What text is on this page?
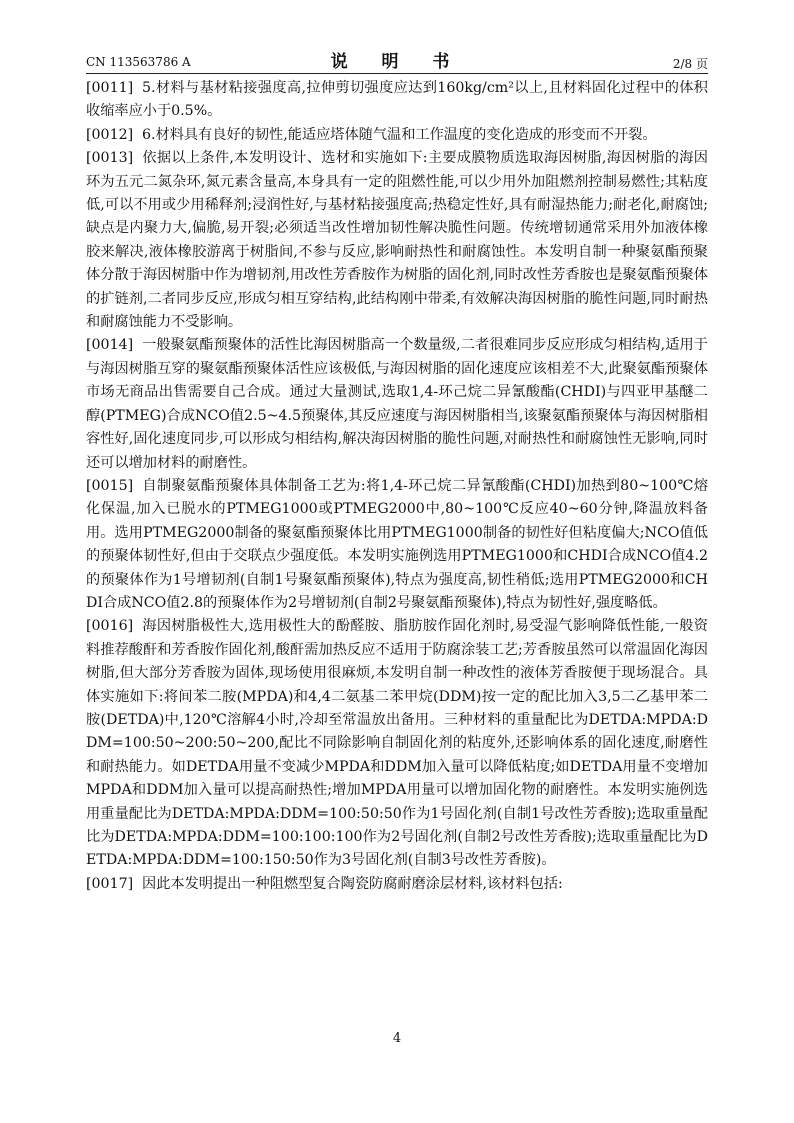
CN 113563786 A	说 明 书	2/8 页

[0011] 5.材料与基材粘接强度高,拉伸剪切强度应达到160kg/cm²以上,且材料固化过程中的体积收缩率应小于0.5%。

[0012] 6.材料具有良好的韧性,能适应塔体随气温和工作温度的变化造成的形变而不开裂。

[0013] 依据以上条件,本发明设计、选材和实施如下:主要成膜物质选取海因树脂,海因树脂的海因环为五元二氮杂环,氮元素含量高,本身具有一定的阻燃性能,可以少用外加阻燃剂控制易燃性;其粘度低,可以不用或少用稀释剂;浸润性好,与基材粘接强度高;热稳定性好,具有耐湿热能力;耐老化,耐腐蚀;缺点是内聚力大,偏脆,易开裂;必须适当改性增加韧性解决脆性问题。传统增韧通常采用外加液体橡胶来解决,液体橡胶游离于树脂间,不参与反应,影响耐热性和耐腐蚀性。本发明自制一种聚氨酯预聚体分散于海因树脂中作为增韧剂,用改性芳香胺作为树脂的固化剂,同时改性芳香胺也是聚氨酯预聚体的扩链剂,二者同步反应,形成匀相互穿结构,此结构刚中带柔,有效解决海因树脂的脆性问题,同时耐热和耐腐蚀能力不受影响。

[0014] 一般聚氨酯预聚体的活性比海因树脂高一个数量级,二者很难同步反应形成匀相结构,适用于与海因树脂互穿的聚氨酯预聚体活性应该极低,与海因树脂的固化速度应该相差不大,此聚氨酯预聚体市场无商品出售需要自己合成。通过大量测试,选取1,4-环己烷二异氰酸酯(CHDI)与四亚甲基醚二醇(PTMEG)合成NCO值2.5~4.5预聚体,其反应速度与海因树脂相当,该聚氨酯预聚体与海因树脂相容性好,固化速度同步,可以形成匀相结构,解决海因树脂的脆性问题,对耐热性和耐腐蚀性无影响,同时还可以增加材料的耐磨性。

[0015] 自制聚氨酯预聚体具体制备工艺为:将1,4-环己烷二异氰酸酯(CHDI)加热到80~100℃熔化保温,加入已脱水的PTMEG1000或PTMEG2000中,80~100℃反应40~60分钟,降温放料备用。选用PTMEG2000制备的聚氨酯预聚体比用PTMEG1000制备的韧性好但粘度偏大;NCO值低的预聚体韧性好,但由于交联点少强度低。本发明实施例选用PTMEG1000和CHDI合成NCO值4.2的预聚体作为1号增韧剂(自制1号聚氨酯预聚体),特点为强度高,韧性稍低;选用PTMEG2000和CHDI合成NCO值2.8的预聚体作为2号增韧剂(自制2号聚氨酯预聚体),特点为韧性好,强度略低。

[0016] 海因树脂极性大,选用极性大的酚醛胺、脂肪胺作固化剂时,易受湿气影响降低性能,一般资料推荐酸酐和芳香胺作固化剂,酸酐需加热反应不适用于防腐涂装工艺;芳香胺虽然可以常温固化海因树脂,但大部分芳香胺为固体,现场使用很麻烦,本发明自制一种改性的液体芳香胺便于现场混合。具体实施如下:将间苯二胺(MPDA)和4,4二氨基二苯甲烷(DDM)按一定的配比加入3,5二乙基甲苯二胺(DETDA)中,120℃溶解4小时,冷却至常温放出备用。三种材料的重量配比为DETDA:MPDA:DDM=100:50~200:50~200,配比不同除影响自制固化剂的粘度外,还影响体系的固化速度,耐磨性和耐热能力。如DETDA用量不变减少MPDA和DDM加入量可以降低粘度;如DETDA用量不变增加MPDA和DDM加入量可以提高耐热性;增加MPDA用量可以增加固化物的耐磨性。本发明实施例选用重量配比为DETDA:MPDA:DDM=100:50:50作为1号固化剂(自制1号改性芳香胺);选取重量配比为DETDA:MPDA:DDM=100:100:100作为2号固化剂(自制2号改性芳香胺);选取重量配比为DETDA:MPDA:DDM=100:150:50作为3号固化剂(自制3号改性芳香胺)。

[0017] 因此本发明提出一种阻燃型复合陶瓷防腐耐磨涂层材料,该材料包括:

4
